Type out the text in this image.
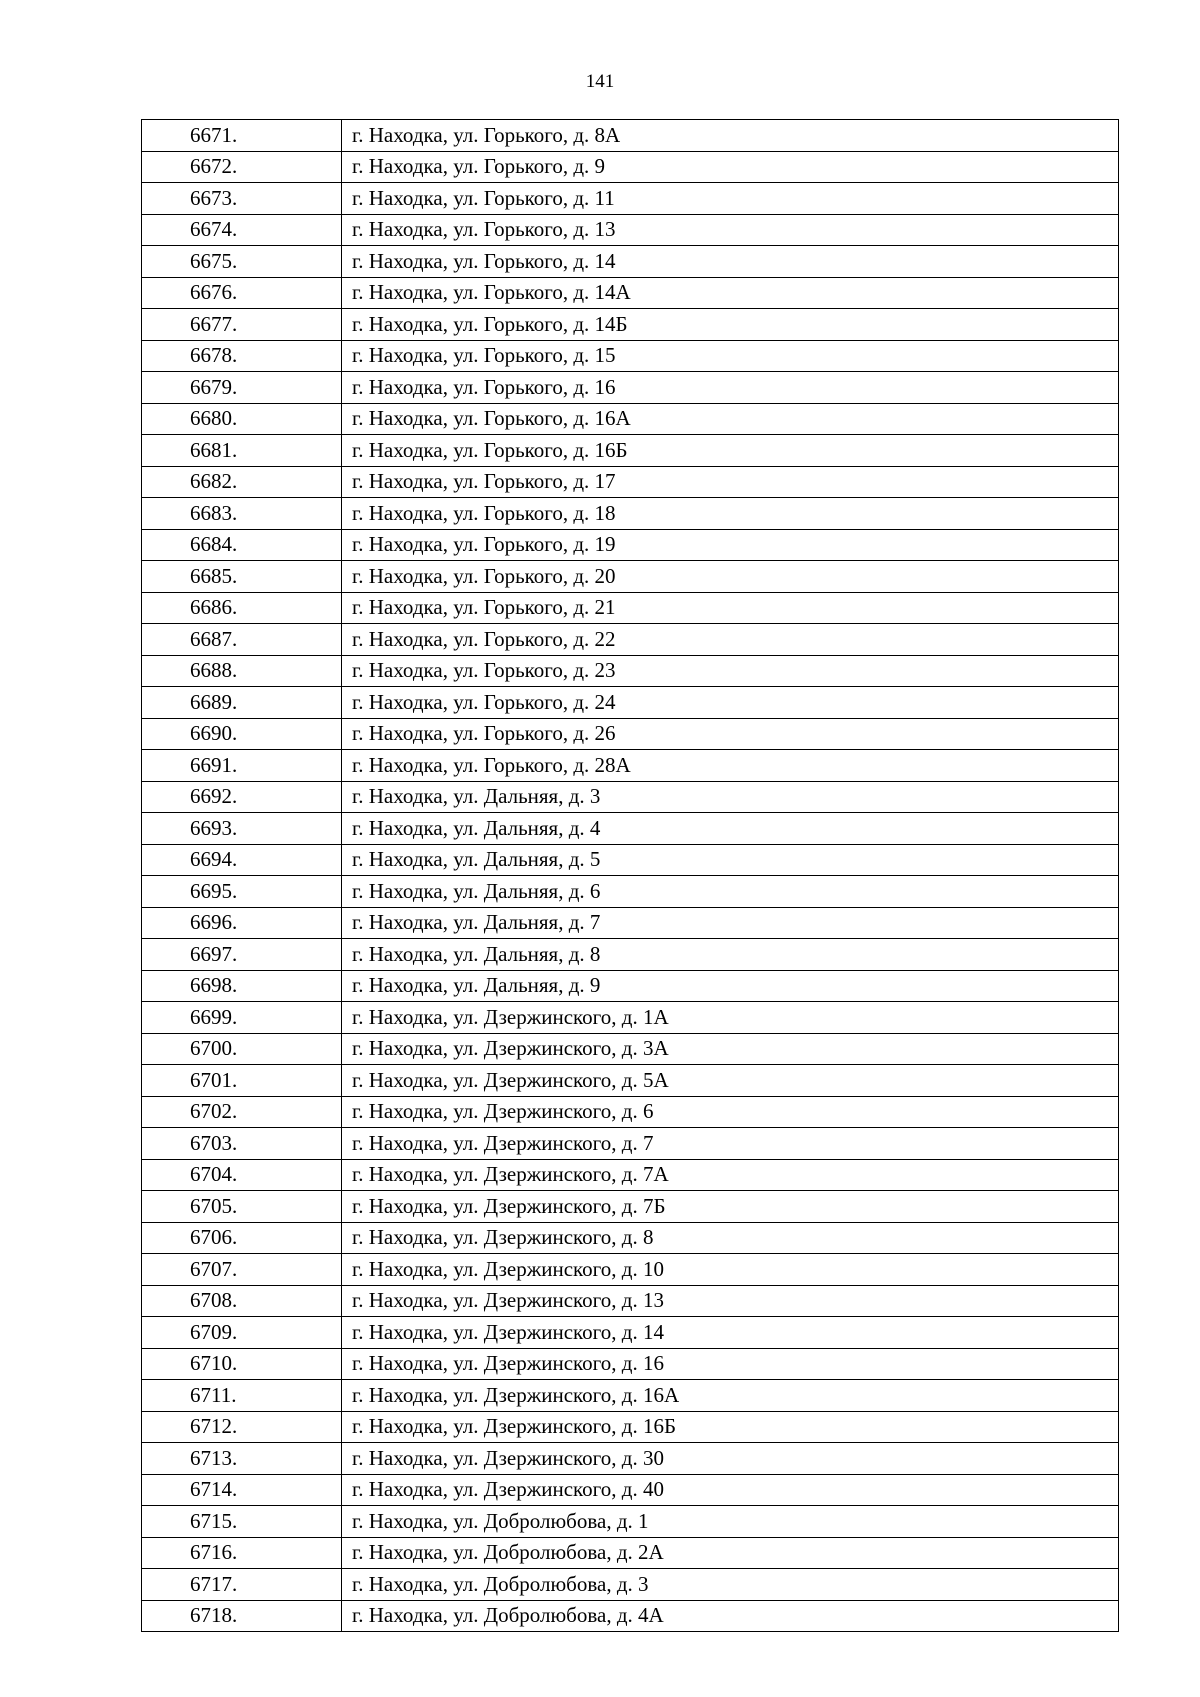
141
6671.	г. Находка, ул. Горького, д. 8А
6672.	г. Находка, ул. Горького, д. 9
6673.	г. Находка, ул. Горького, д. 11
6674.	г. Находка, ул. Горького, д. 13
6675.	г. Находка, ул. Горького, д. 14
6676.	г. Находка, ул. Горького, д. 14А
6677.	г. Находка, ул. Горького, д. 14Б
6678.	г. Находка, ул. Горького, д. 15
6679.	г. Находка, ул. Горького, д. 16
6680.	г. Находка, ул. Горького, д. 16А
6681.	г. Находка, ул. Горького, д. 16Б
6682.	г. Находка, ул. Горького, д. 17
6683.	г. Находка, ул. Горького, д. 18
6684.	г. Находка, ул. Горького, д. 19
6685.	г. Находка, ул. Горького, д. 20
6686.	г. Находка, ул. Горького, д. 21
6687.	г. Находка, ул. Горького, д. 22
6688.	г. Находка, ул. Горького, д. 23
6689.	г. Находка, ул. Горького, д. 24
6690.	г. Находка, ул. Горького, д. 26
6691.	г. Находка, ул. Горького, д. 28А
6692.	г. Находка, ул. Дальняя, д. 3
6693.	г. Находка, ул. Дальняя, д. 4
6694.	г. Находка, ул. Дальняя, д. 5
6695.	г. Находка, ул. Дальняя, д. 6
6696.	г. Находка, ул. Дальняя, д. 7
6697.	г. Находка, ул. Дальняя, д. 8
6698.	г. Находка, ул. Дальняя, д. 9
6699.	г. Находка, ул. Дзержинского, д. 1А
6700.	г. Находка, ул. Дзержинского, д. 3А
6701.	г. Находка, ул. Дзержинского, д. 5А
6702.	г. Находка, ул. Дзержинского, д. 6
6703.	г. Находка, ул. Дзержинского, д. 7
6704.	г. Находка, ул. Дзержинского, д. 7А
6705.	г. Находка, ул. Дзержинского, д. 7Б
6706.	г. Находка, ул. Дзержинского, д. 8
6707.	г. Находка, ул. Дзержинского, д. 10
6708.	г. Находка, ул. Дзержинского, д. 13
6709.	г. Находка, ул. Дзержинского, д. 14
6710.	г. Находка, ул. Дзержинского, д. 16
6711.	г. Находка, ул. Дзержинского, д. 16А
6712.	г. Находка, ул. Дзержинского, д. 16Б
6713.	г. Находка, ул. Дзержинского, д. 30
6714.	г. Находка, ул. Дзержинского, д. 40
6715.	г. Находка, ул. Добролюбова, д. 1
6716.	г. Находка, ул. Добролюбова, д. 2А
6717.	г. Находка, ул. Добролюбова, д. 3
6718.	г. Находка, ул. Добролюбова, д. 4А
